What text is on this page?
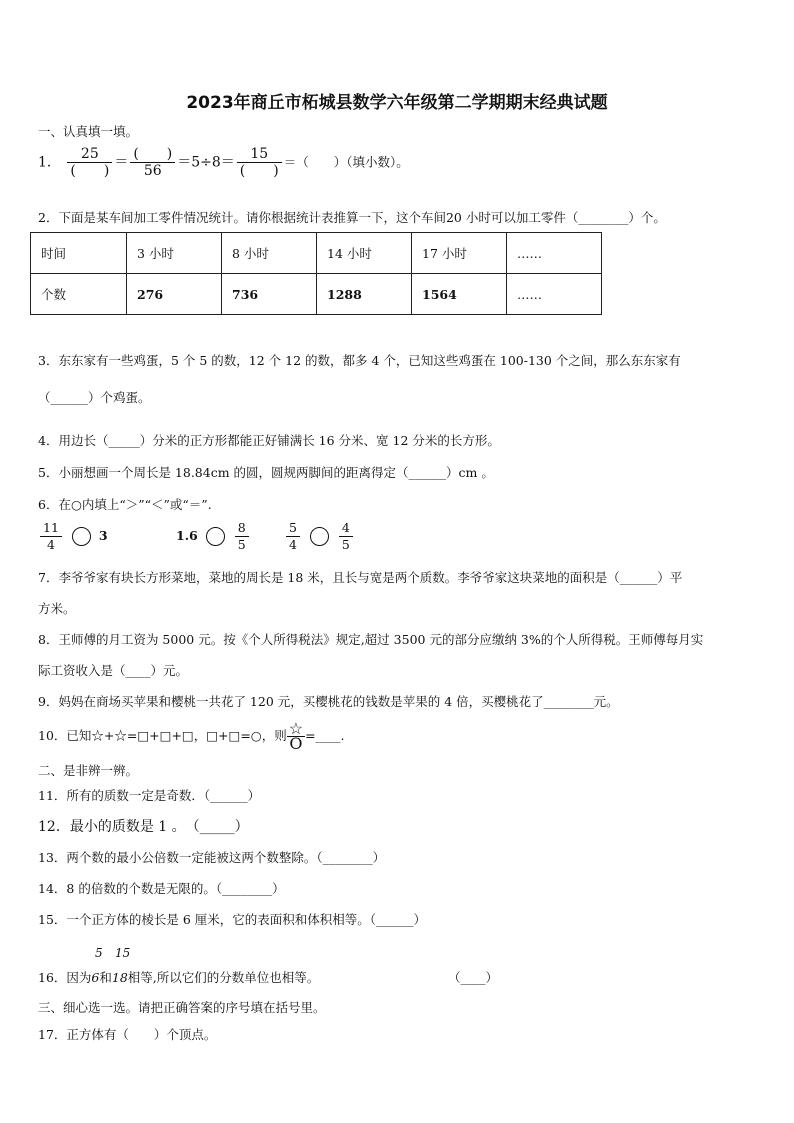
2023年商丘市柘城县数学六年级第二学期期末经典试题
一、认真填一填。
1． $\frac{25}{( )} = \frac{( )}{56} =5\div 8= \frac{15}{( )}$ ＝（　　）（填小数）。
2．下面是某车间加工零件情况统计。请你根据统计表推算一下，这个车间20 小时可以加工零件（________）个。
时间	3 小时	8 小时	14 小时	17 小时	……
个数	276	736	1288	1564	……
3．东东家有一些鸡蛋，5 个 5 的数，12 个 12 的数，都多 4 个，已知这些鸡蛋在 100-130 个之间，那么东东家有
（______）个鸡蛋。
4．用边长（_____）分米的正方形都能正好铺满长 16 分米、宽 12 分米的长方形。
5．小丽想画一个周长是 18.84cm 的圆，圆规两脚间的距离得定（______）cm 。
6．在○内填上“＞”“＜”或“＝”.
$\frac{11}{4}$	3	1.6	$\frac{8}{5}$	$\frac{5}{4}$
	$\frac{4}{5}$
7．李爷爷家有块长方形菜地，菜地的周长是 18 米，且长与宽是两个质数。李爷爷家这块菜地的面积是（______）平
方米。
8．王师傅的月工资为 5000 元。按《个人所得税法》规定,超过 3500 元的部分应缴纳 3%的个人所得税。王师傅每月实
际工资收入是（____）元。
9．妈妈在商场买苹果和樱桃一共花了 120 元，买樱桃花的钱数是苹果的 4 倍，买樱桃花了________元。
10．已知☆+☆=□+□+□，□+□=○，则 $\frac{☆}{O}=\_\_\_\_$.
二、是非辨一辨。
11．所有的质数一定是奇数．（______）
12．最小的质数是 1 。　（_____）
13．两个数的最小公倍数一定能被这两个数整除。（________）
14．8 的倍数的个数是无限的。（________）
15．一个正方体的棱长是 6 厘米，它的表面积和体积相等。（______）
5 15
16．因为6和18相等,所以它们的分数单位也相等。	（____）
三、细心选一选。请把正确答案的序号填在括号里。
17．正方体有（　　）个顶点。
